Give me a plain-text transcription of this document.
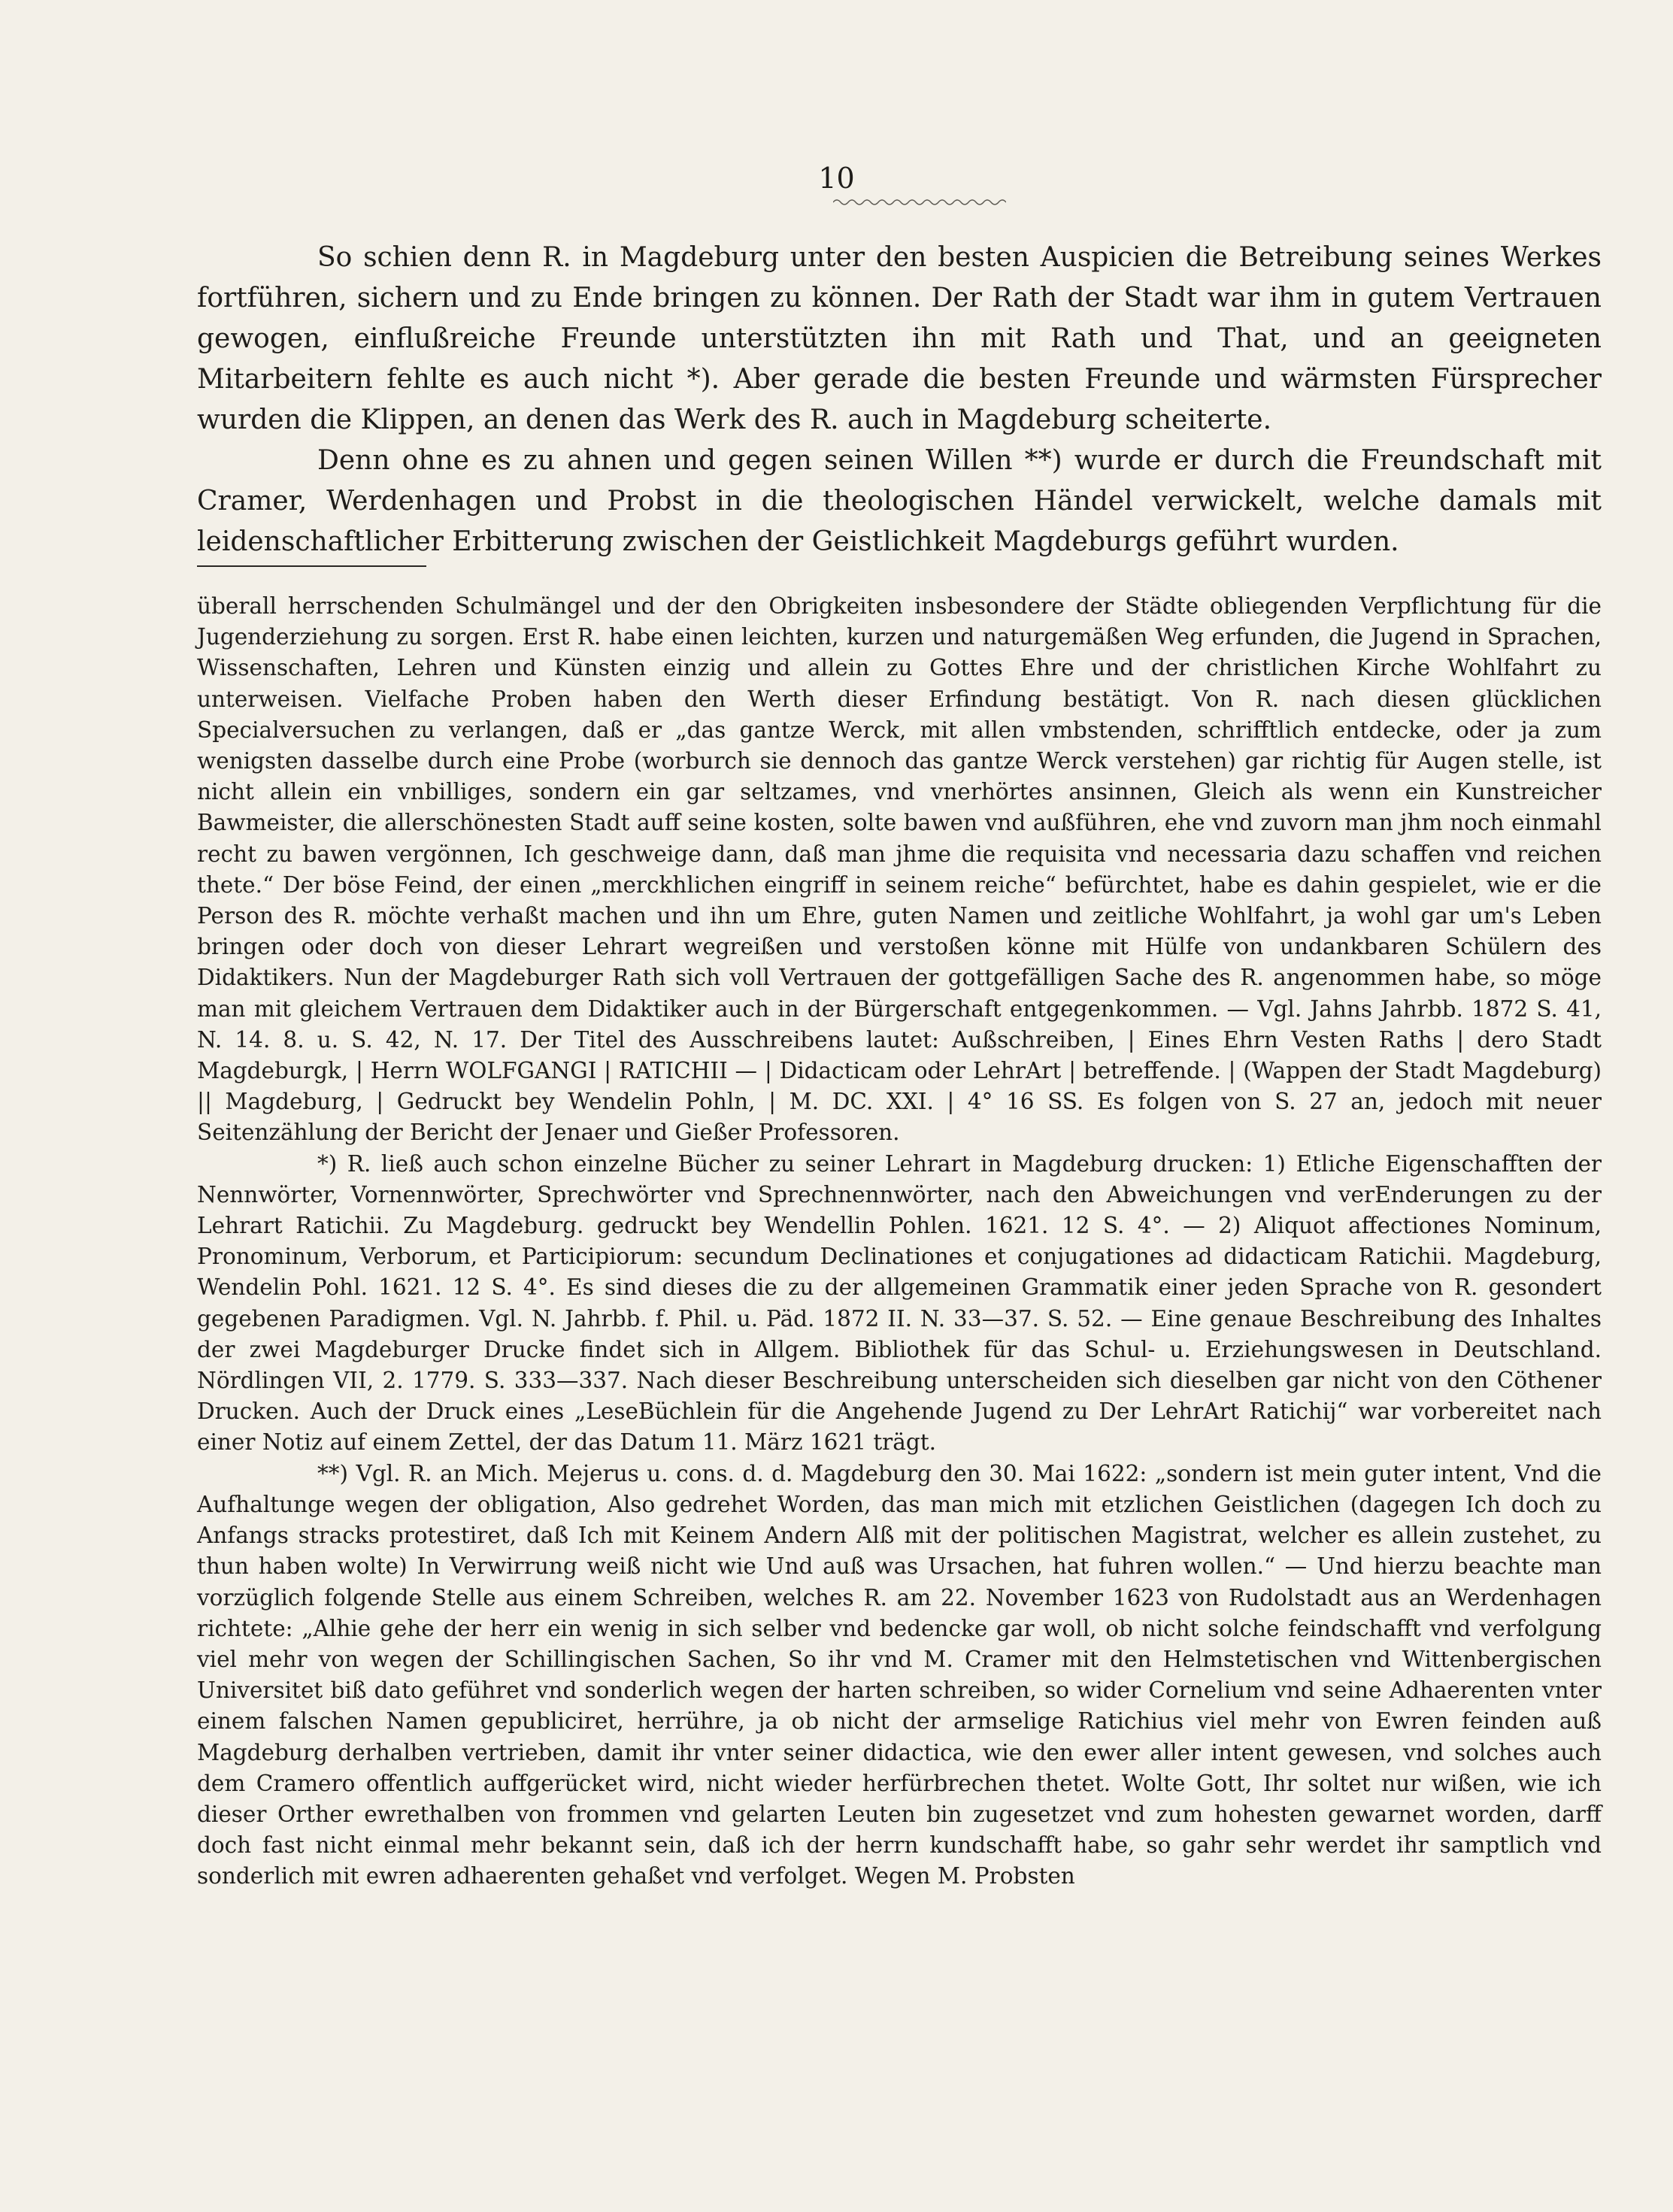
10

So schien denn R. in Magdeburg unter den besten Auspicien die Betreibung seines Werkes fortführen, sichern und zu Ende bringen zu können. Der Rath der Stadt war ihm in gutem Vertrauen gewogen, einflußreiche Freunde unterstützten ihn mit Rath und That, und an geeigneten Mitarbeitern fehlte es auch nicht *). Aber gerade die besten Freunde und wärmsten Fürsprecher wurden die Klippen, an denen das Werk des R. auch in Magdeburg scheiterte.

Denn ohne es zu ahnen und gegen seinen Willen **) wurde er durch die Freundschaft mit Cramer, Werdenhagen und Probst in die theologischen Händel verwickelt, welche damals mit leidenschaftlicher Erbitterung zwischen der Geistlichkeit Magdeburgs geführt wurden.

überall herrschenden Schulmängel und der den Obrigkeiten insbesondere der Städte obliegenden Verpflichtung für die Jugenderziehung zu sorgen. Erst R. habe einen leichten, kurzen und naturgemäßen Weg erfunden, die Jugend in Sprachen, Wissenschaften, Lehren und Künsten einzig und allein zu Gottes Ehre und der christlichen Kirche Wohlfahrt zu unterweisen. Vielfache Proben haben den Werth dieser Erfindung bestätigt. Von R. nach diesen glücklichen Specialversuchen zu verlangen, daß er „das gantze Werck, mit allen vmbstenden, schrifftlich entdecke, oder ja zum wenigsten dasselbe durch eine Probe (worburch sie dennoch das gantze Werck verstehen) gar richtig für Augen stelle, ist nicht allein ein vnbilliges, sondern ein gar seltzames, vnd vnerhörtes ansinnen, Gleich als wenn ein Kunstreicher Bawmeister, die allerschönesten Stadt auff seine kosten, solte bawen vnd außführen, ehe vnd zuvorn man jhm noch einmahl recht zu bawen vergönnen, Ich geschweige dann, daß man jhme die requisita vnd necessaria dazu schaffen vnd reichen thete.“ Der böse Feind, der einen „merckhlichen eingriff in seinem reiche“ befürchtet, habe es dahin gespielet, wie er die Person des R. möchte verhaßt machen und ihn um Ehre, guten Namen und zeitliche Wohlfahrt, ja wohl gar um's Leben bringen oder doch von dieser Lehrart wegreißen und verstoßen könne mit Hülfe von undankbaren Schülern des Didaktikers. Nun der Magdeburger Rath sich voll Vertrauen der gottgefälligen Sache des R. angenommen habe, so möge man mit gleichem Vertrauen dem Didaktiker auch in der Bürgerschaft entgegenkommen. — Vgl. Jahns Jahrbb. 1872 S. 41, N. 14. 8. u. S. 42, N. 17. Der Titel des Ausschreibens lautet: Außschreiben, | Eines Ehrn Vesten Raths | dero Stadt Magdeburgk, | Herrn WOLFGANGI | RATICHII — | Didacticam oder LehrArt | betreffende. | (Wappen der Stadt Magdeburg) || Magdeburg, | Gedruckt bey Wendelin Pohln, | M. DC. XXI. | 4° 16 SS. Es folgen von S. 27 an, jedoch mit neuer Seitenzählung der Bericht der Jenaer und Gießer Professoren.

*) R. ließ auch schon einzelne Bücher zu seiner Lehrart in Magdeburg drucken: 1) Etliche Eigenschafften der Nennwörter, Vornennwörter, Sprechwörter vnd Sprechnennwörter, nach den Abweichungen vnd verEnderungen zu der Lehrart Ratichii. Zu Magdeburg. gedruckt bey Wendellin Pohlen. 1621. 12 S. 4°. — 2) Aliquot affectiones Nominum, Pronominum, Verborum, et Participiorum: secundum Declinationes et conjugationes ad didacticam Ratichii. Magdeburg, Wendelin Pohl. 1621. 12 S. 4°. Es sind dieses die zu der allgemeinen Grammatik einer jeden Sprache von R. gesondert gegebenen Paradigmen. Vgl. N. Jahrbb. f. Phil. u. Päd. 1872 II. N. 33—37. S. 52. — Eine genaue Beschreibung des Inhaltes der zwei Magdeburger Drucke findet sich in Allgem. Bibliothek für das Schul- u. Erziehungswesen in Deutschland. Nördlingen VII, 2. 1779. S. 333—337. Nach dieser Beschreibung unterscheiden sich dieselben gar nicht von den Cöthener Drucken. Auch der Druck eines „LeseBüchlein für die Angehende Jugend zu Der LehrArt Ratichij“ war vorbereitet nach einer Notiz auf einem Zettel, der das Datum 11. März 1621 trägt.

**) Vgl. R. an Mich. Mejerus u. cons. d. d. Magdeburg den 30. Mai 1622: „sondern ist mein guter intent, Vnd die Aufhaltunge wegen der obligation, Also gedrehet Worden, das man mich mit etzlichen Geistlichen (dagegen Ich doch zu Anfangs stracks protestiret, daß Ich mit Keinem Andern Alß mit der politischen Magistrat, welcher es allein zustehet, zu thun haben wolte) In Verwirrung weiß nicht wie Und auß was Ursachen, hat fuhren wollen.“ — Und hierzu beachte man vorzüglich folgende Stelle aus einem Schreiben, welches R. am 22. November 1623 von Rudolstadt aus an Werdenhagen richtete: „Alhie gehe der herr ein wenig in sich selber vnd bedencke gar woll, ob nicht solche feindschafft vnd verfolgung viel mehr von wegen der Schillingischen Sachen, So ihr vnd M. Cramer mit den Helmstetischen vnd Wittenbergischen Universitet biß dato geführet vnd sonderlich wegen der harten schreiben, so wider Cornelium vnd seine Adhaerenten vnter einem falschen Namen gepubliciret, herrühre, ja ob nicht der armselige Ratichius viel mehr von Ewren feinden auß Magdeburg derhalben vertrieben, damit ihr vnter seiner didactica, wie den ewer aller intent gewesen, vnd solches auch dem Cramero offentlich auffgerücket wird, nicht wieder herfürbrechen thetet. Wolte Gott, Ihr soltet nur wißen, wie ich dieser Orther ewrethalben von frommen vnd gelarten Leuten bin zugesetzet vnd zum hohesten gewarnet worden, darff doch fast nicht einmal mehr bekannt sein, daß ich der herrn kundschafft habe, so gahr sehr werdet ihr samptlich vnd sonderlich mit ewren adhaerenten gehaßet vnd verfolget. Wegen M. Probsten
